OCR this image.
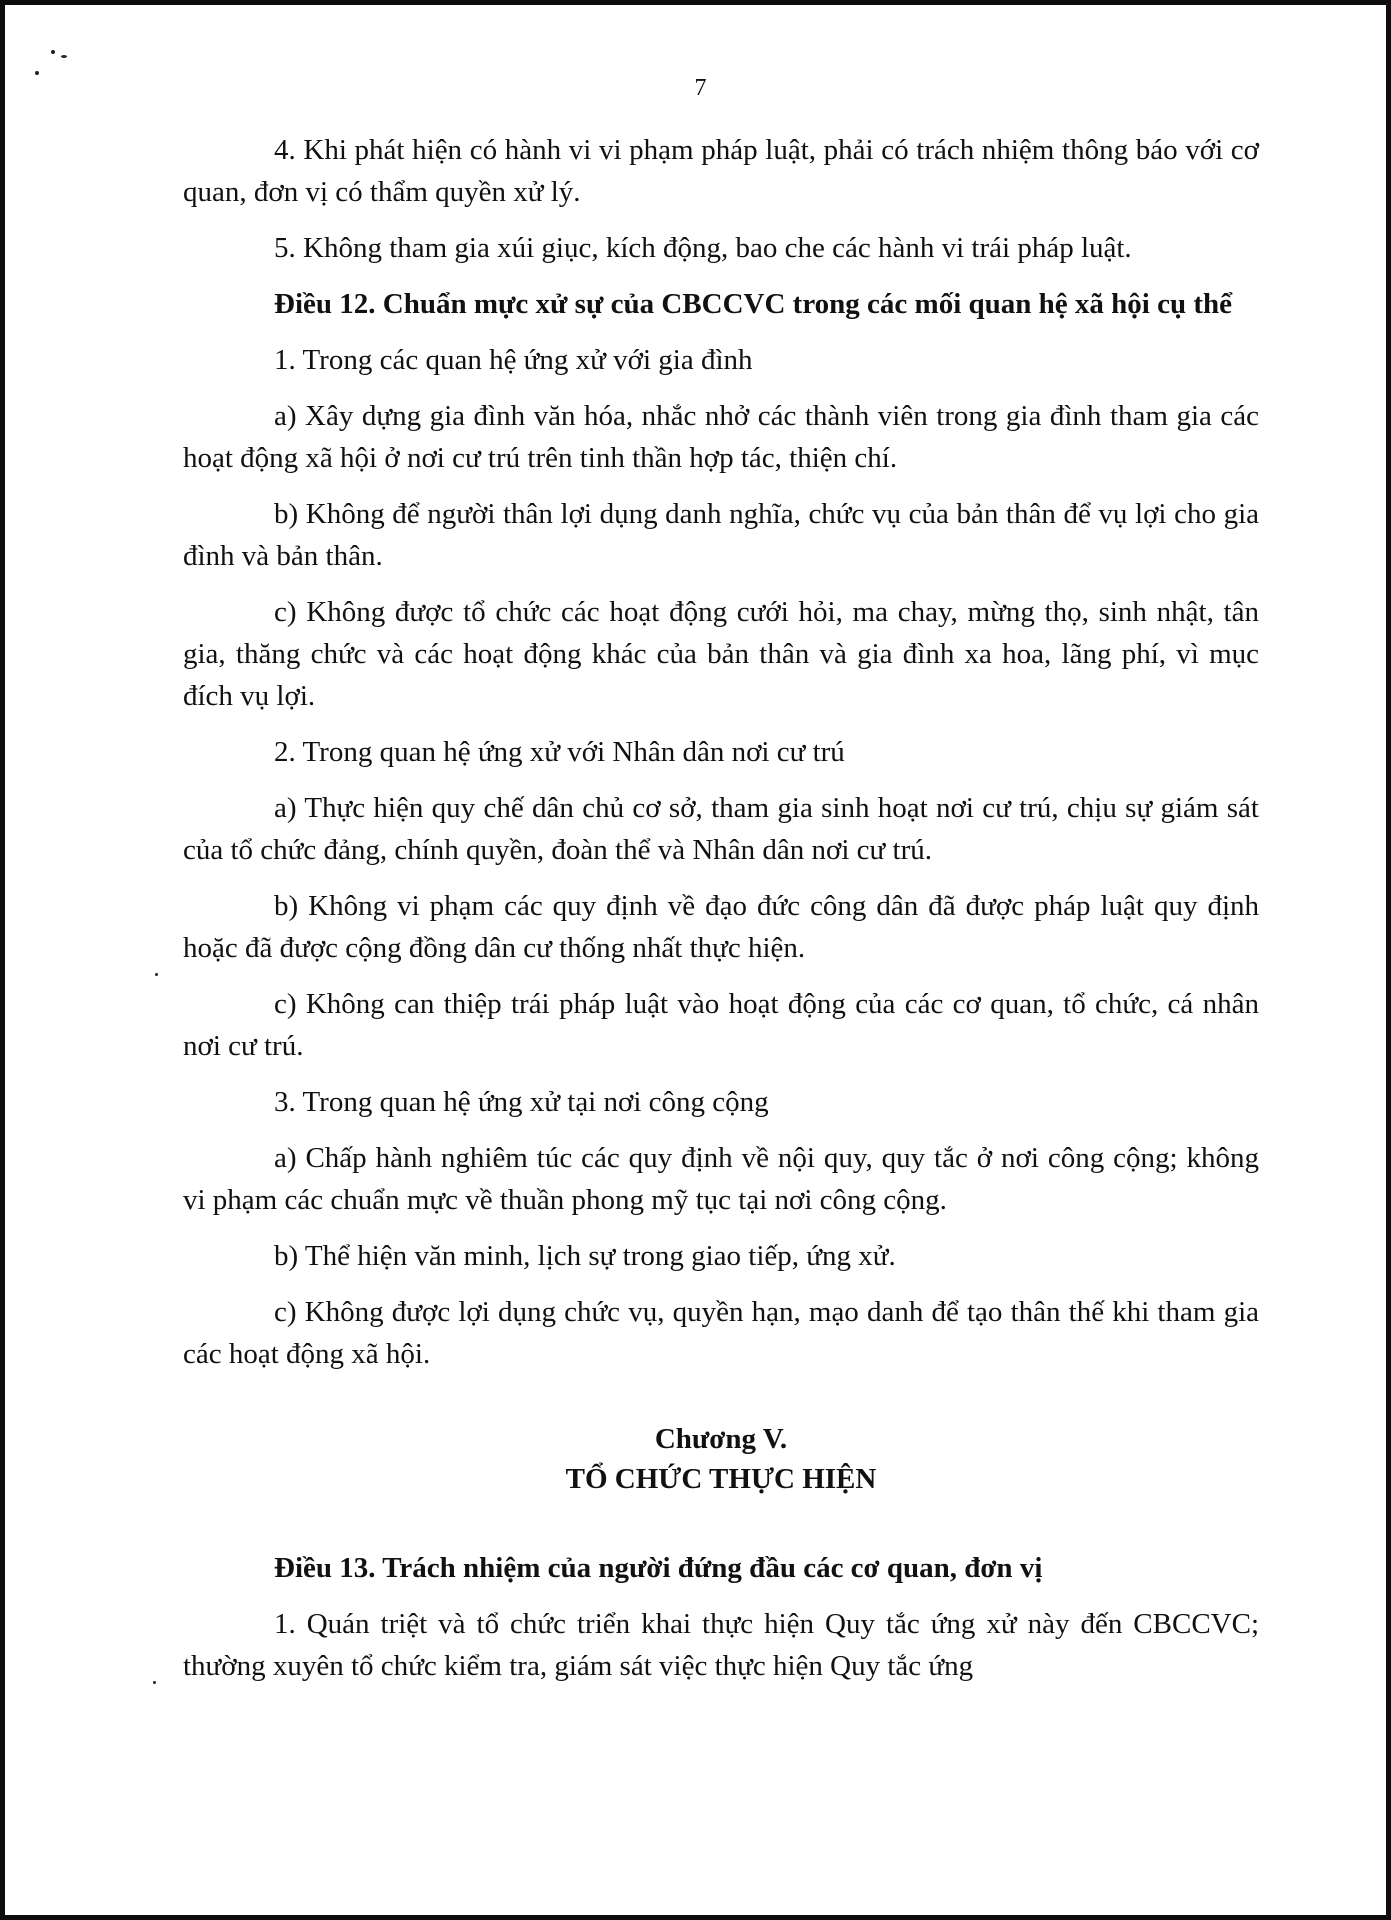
7

4. Khi phát hiện có hành vi vi phạm pháp luật, phải có trách nhiệm thông báo với cơ quan, đơn vị có thẩm quyền xử lý.

5. Không tham gia xúi giục, kích động, bao che các hành vi trái pháp luật.

Điều 12. Chuẩn mực xử sự của CBCCVC trong các mối quan hệ xã hội cụ thể

1. Trong các quan hệ ứng xử với gia đình

a) Xây dựng gia đình văn hóa, nhắc nhở các thành viên trong gia đình tham gia các hoạt động xã hội ở nơi cư trú trên tinh thần hợp tác, thiện chí.

b) Không để người thân lợi dụng danh nghĩa, chức vụ của bản thân để vụ lợi cho gia đình và bản thân.

c) Không được tổ chức các hoạt động cưới hỏi, ma chay, mừng thọ, sinh nhật, tân gia, thăng chức và các hoạt động khác của bản thân và gia đình xa hoa, lãng phí, vì mục đích vụ lợi.

2. Trong quan hệ ứng xử với Nhân dân nơi cư trú

a) Thực hiện quy chế dân chủ cơ sở, tham gia sinh hoạt nơi cư trú, chịu sự giám sát của tổ chức đảng, chính quyền, đoàn thể và Nhân dân nơi cư trú.

b) Không vi phạm các quy định về đạo đức công dân đã được pháp luật quy định hoặc đã được cộng đồng dân cư thống nhất thực hiện.

c) Không can thiệp trái pháp luật vào hoạt động của các cơ quan, tổ chức, cá nhân nơi cư trú.

3. Trong quan hệ ứng xử tại nơi công cộng

a) Chấp hành nghiêm túc các quy định về nội quy, quy tắc ở nơi công cộng; không vi phạm các chuẩn mực về thuần phong mỹ tục tại nơi công cộng.

b) Thể hiện văn minh, lịch sự trong giao tiếp, ứng xử.

c) Không được lợi dụng chức vụ, quyền hạn, mạo danh để tạo thân thế khi tham gia các hoạt động xã hội.

Chương V.

TỔ CHỨC THỰC HIỆN

Điều 13. Trách nhiệm của người đứng đầu các cơ quan, đơn vị

1. Quán triệt và tổ chức triển khai thực hiện Quy tắc ứng xử này đến CBCCVC; thường xuyên tổ chức kiểm tra, giám sát việc thực hiện Quy tắc ứng
